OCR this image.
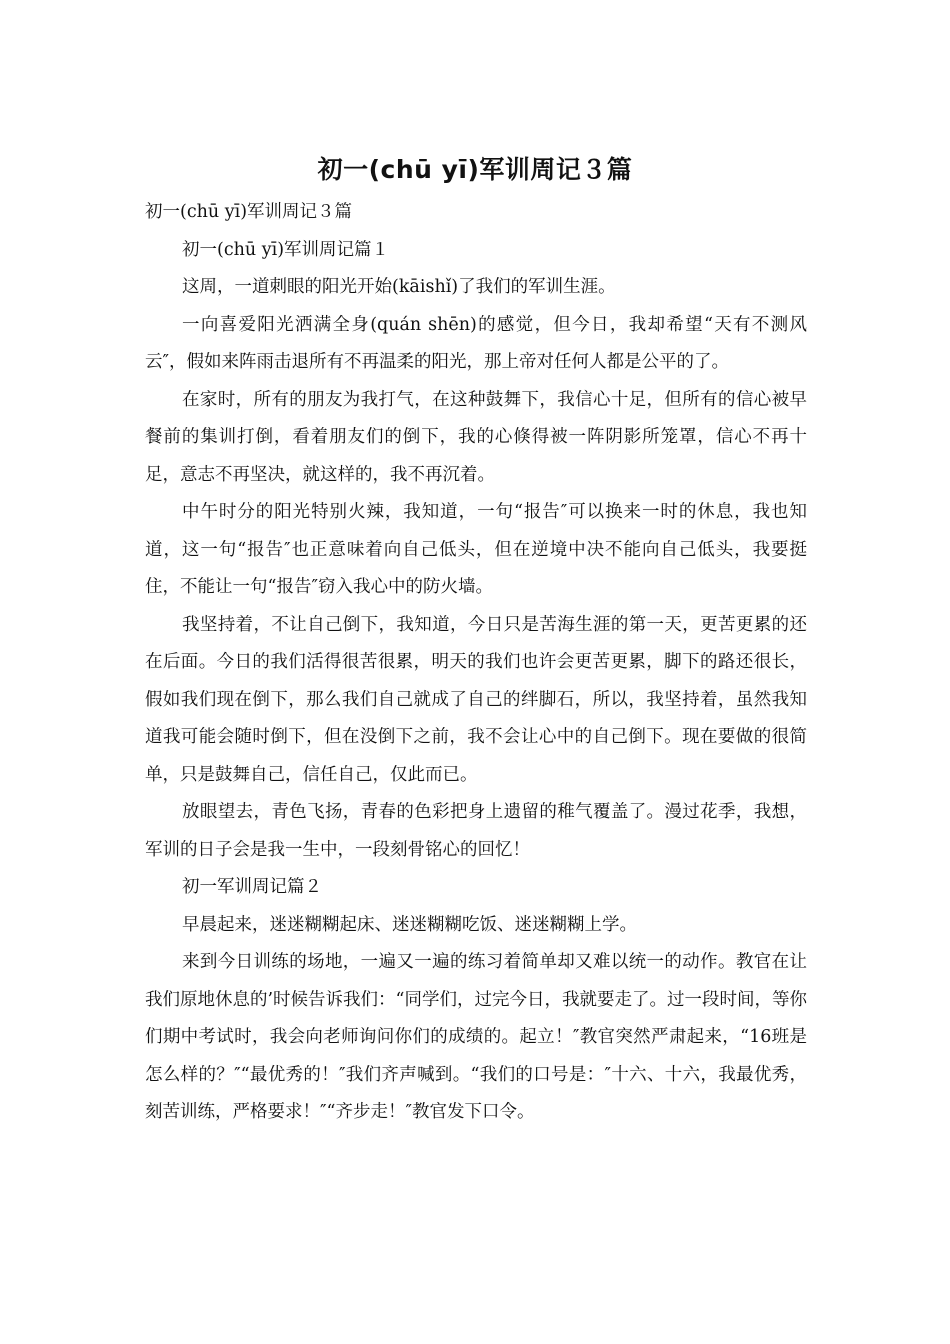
初一(chū yī)军训周记３篇

初一(chū yī)军训周记３篇

初一(chū yī)军训周记篇１

这周，一道刺眼的阳光开始(kāishǐ)了我们的军训生涯。

一向喜爱阳光洒满全身(quán shēn)的感觉，但今日，我却希望“天有不测风云″，假如来阵雨击退所有不再温柔的阳光，那上帝对任何人都是公平的了。

在家时，所有的朋友为我打气，在这种鼓舞下，我信心十足，但所有的信心被早餐前的集训打倒，看着朋友们的倒下，我的心倏得被一阵阴影所笼罩，信心不再十足，意志不再坚决，就这样的，我不再沉着。

中午时分的阳光特别火辣，我知道，一句“报告″可以换来一时的休息，我也知道，这一句“报告″也正意味着向自己低头，但在逆境中决不能向自己低头，我要挺住，不能让一句“报告″窃入我心中的防火墙。

我坚持着，不让自己倒下，我知道，今日只是苦海生涯的第一天，更苦更累的还在后面。今日的我们活得很苦很累，明天的我们也许会更苦更累，脚下的路还很长，假如我们现在倒下，那么我们自己就成了自己的绊脚石，所以，我坚持着，虽然我知道我可能会随时倒下，但在没倒下之前，我不会让心中的自己倒下。现在要做的很简单，只是鼓舞自己，信任自己，仅此而已。

放眼望去，青色飞扬，青春的色彩把身上遗留的稚气覆盖了。漫过花季，我想，军训的日子会是我一生中，一段刻骨铭心的回忆！

初一军训周记篇２

早晨起来，迷迷糊糊起床、迷迷糊糊吃饭、迷迷糊糊上学。

来到今日训练的场地，一遍又一遍的练习着简单却又难以统一的动作。教官在让我们原地休息的’时候告诉我们：“同学们，过完今日，我就要走了。过一段时间，等你们期中考试时，我会向老师询问你们的成绩的。起立！″教官突然严肃起来，“16班是怎么样的？″“最优秀的！″我们齐声喊到。“我们的口号是：″十六、十六，我最优秀，刻苦训练，严格要求！″“齐步走！″教官发下口令。
